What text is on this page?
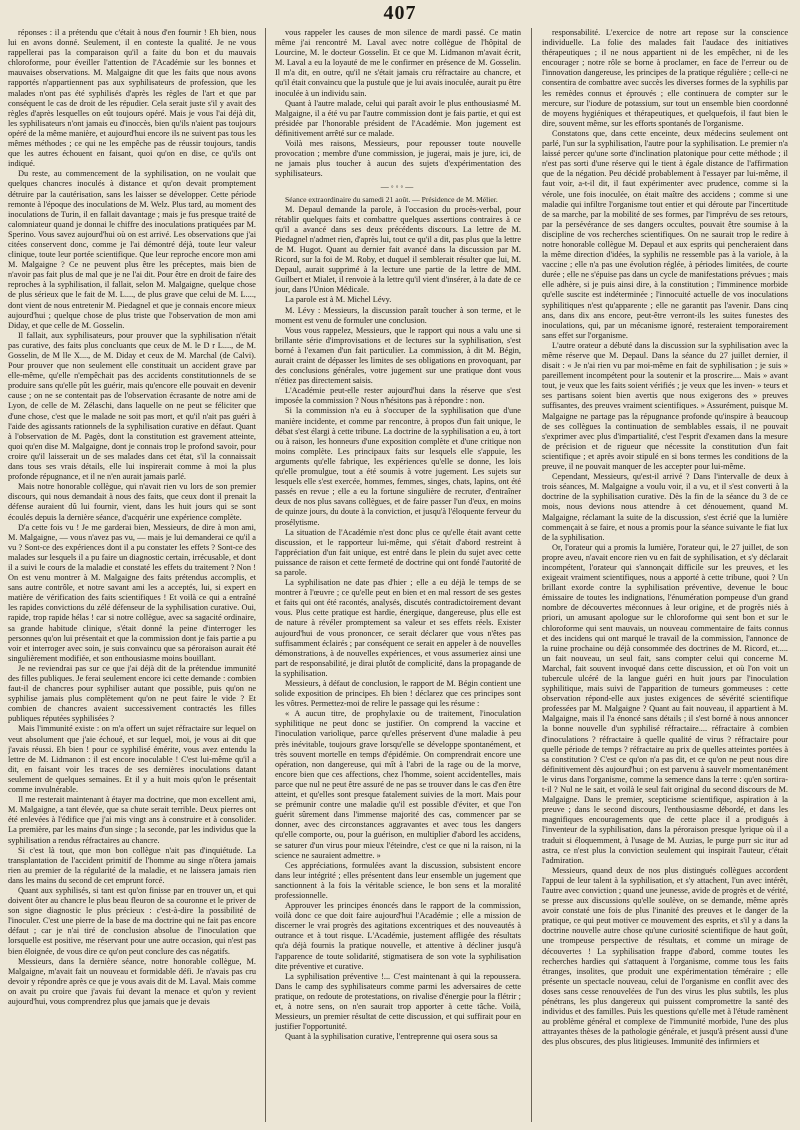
407

réponses : il a prétendu que c'était à nous d'en fournir ! Eh bien, nous lui en avons donné. Seulement, il en conteste la qualité. Je ne vous rappellerai pas la comparaison qu'il a faite du bon et du mauvais chloroforme, pour éveiller l'attention de l'Académie sur les bonnes et mauvaises observations. M. Malgaigne dit que les faits que nous avons rapportés n'appartiennent pas aux syphilisateurs de profession, que les malades n'ont pas été syphilisés d'après les règles de l'art et que par conséquent le cas de droit de les répudier. Cela serait juste s'il y avait des règles d'après lesquelles on eût toujours opéré. Mais je vous l'ai déjà dit, les syphilisateurs n'ont jamais eu d'inoccès, bien qu'ils n'aient pas toujours opéré de la même manière, et aujourd'hui encore ils ne suivent pas tous les mêmes méthodes ; ce qui ne les empêche pas de réussir toujours, tandis que les autres échouent en faisant, quoi qu'on en dise, ce qu'ils ont indiqué.

Du reste, au commencement de la syphilisation, on ne voulait que quelques chancres inoculés à distance et qu'on devait promptement détruire par la cautérisation, sans les laisser se développer. Cette période remonte à l'époque des inoculations de M. Welz. Plus tard, au moment des inoculations de Turin, il en fallait davantage ; mais je fus presque traité de calomniateur quand je donnai le chiffre des inoculations pratiquées par M. Sperino. Vous savez aujourd'hui où on est arrivé. Les observations que j'ai citées conservent donc, comme je l'ai démontré déjà, toute leur valeur clinique, toute leur portée scientifique. Que leur reproche encore mon ami M. Malgaigne ? Ce ne peuvent plus être les préceptes, mais bien de n'avoir pas fait plus de mal que je ne l'ai dit. Pour être en droit de faire des reproches à la syphilisation, il fallait, selon M. Malgaigne, quelque chose de plus sérieux que le fait de M. L...., de plus grave que celui de M. L...., dont vient de nous entretenir M. Piedagnel et que je connais encore mieux aujourd'hui ; quelque chose de plus triste que l'observation de mon ami Diday, et que celle de M. Gosselin.

Il fallait, aux syphilisateurs, pour prouver que la syphilisation n'était pas curative, des faits plus concluants que ceux de M. le D r L...., de M. Gosselin, de M lle X...., de M. Diday et ceux de M. Marchal (de Calvi). Pour prouver que non seulement elle constituait un accident grave par elle-même, qu'elle n'empêchait pas des accidents constitutionnels de se produire sans qu'elle pût les guérir, mais qu'encore elle pouvait en devenir cause ; on ne se contentait pas de l'observation écrasante de notre ami de Lyon, de celle de M. Zélaschi, dans laquelle on ne peut se féliciter que d'une chose, c'est que le malade ne soit pas mort, et qu'il n'ait pas guéri à l'aide des agissants rationnels de la syphilisation curative en défaut. Quant à l'observation de M. Pagès, dont la constitution est gravement atteinte, quoi qu'en dise M. Malgaigne, dont je connais trop le profond savoir, pour croire qu'il laisserait un de ses malades dans cet état, s'il la connaissait dans tous ses vrais détails, elle lui inspirerait comme à moi la plus profonde répugnance, et il ne n'en aurait jamais parlé.

Mais notre honorable collègue, qui n'avait rien vu lors de son premier discours, qui nous demandait à nous des faits, que ceux dont il prenait la défense auraient dû lui fournir, vient, dans les huit jours qui se sont écoulés depuis la dernière séance, d'acquérir une expérience complète.

D'a cette fois vu ! Je me garderai bien, Messieurs, de dire à mon ami, M. Malgaigne, — vous n'avez pas vu, — mais je lui demanderai ce qu'il a vu ? Sont-ce des expériences dont il a pu constater les effets ? Sont-ce des malades sur lesquels il a pu faire un diagnostic certain, irrécusable, et dont il a suivi le cours de la maladie et constaté les effets du traitement ? Non ! On est venu montrer à M. Malgaigne des faits prétendus accomplis, et sans autre contrôle, et notre savant ami les a acceptés, lui, si expert en matière de vérification des faits scientifiques ! Et voilà ce qui a entraîné les rapides convictions du zélé défenseur de la syphilisation curative. Oui, rapide, trop rapide hélas ! car si notre collègue, avec sa sagacité ordinaire, sa grande habitude clinique, s'était donné la peine d'interroger les personnes qu'on lui présentait et que la commission dont je fais partie a pu voir et interroger avec soin, je suis convaincu que sa péroraison aurait été singulièrement modifiée, et son enthousiasme moins bouillant.

Je ne reviendrai pas sur ce que j'ai déjà dit de la prétendue immunité des filles publiques. Je ferai seulement encore ici cette demande : combien faut-il de chancres pour syphiliser autant que possible, puis qu'on ne syphilise jamais plus complètement qu'on ne peut faire le vide ? Et combien de chancres avaient successivement contractés les filles publiques réputées syphilisées ?

Mais l'immunité existe : on m'a offert un sujet réfractaire sur lequel on veut absolument que j'aie échoué, et sur lequel, moi, je vous ai dit que j'avais réussi. Eh bien ! pour ce syphilisé émérite, vous avez entendu la lettre de M. Lidmanon : il est encore inoculable ! C'est lui-même qu'il a dit, en faisant voir les traces de ses dernières inoculations datant seulement de quelques semaines. Et il y a huit mois qu'on le présentait comme invulnérable.

Il me resterait maintenant à étayer ma doctrine, que mon excellent ami, M. Malgaigne, a tant élevée, que sa chute serait terrible. Deux pierres ont été enlevées à l'édifice que j'ai mis vingt ans à construire et à consolider. La première, par les mains d'un singe ; la seconde, par les individus que la syphilisation a rendus réfractaires au chancre.

Si c'est là tout, que mon bon collègue n'ait pas d'inquiétude. La transplantation de l'accident primitif de l'homme au singe n'ôtera jamais rien au premier de la régularité de la maladie, et ne laissera jamais rien dans les mains du second de cet emprunt forcé.

Quant aux syphilisés, si tant est qu'on finisse par en trouver un, et qui doivent ôter au chancre le plus beau fleuron de sa couronne et le priver de son signe diagnostic le plus précieux : c'est-à-dire la possibilité de l'inoculer. C'est une pierre de la base de ma doctrine qui ne fait pas encore défaut ; car je n'ai tiré de conclusion absolue de l'inoculation que lorsquelle est positive, me réservant pour une autre occasion, qui n'est pas bien éloignée, de vous dire ce qu'on peut conclure des cas négatifs.

Messieurs, dans la dernière séance, notre honorable collègue, M. Malgaigne, m'avait fait un nouveau et formidable défi. Je n'avais pas cru devoir y répondre après ce que je vous avais dit de M. Laval. Mais comme on avait pu croire que j'avais fui devant la menace et qu'on y revient aujourd'hui, vous comprendrez plus que jamais que je devais

vous rappeler les causes de mon silence de mardi passé. Ce matin même j'ai rencontré M. Laval avec notre collègue de l'hôpital de Lourcine, M. le docteur Gosselin. Et ce que M. Lidmanon m'avait écrit, M. Laval a eu la loyauté de me le confirmer en présence de M. Gosselin. Il m'a dit, en outre, qu'il ne s'était jamais cru réfractaire au chancre, et qu'il était convaincu que la pustule que je lui avais inoculée, aurait pu être inoculée à un individu sain.

Quant à l'autre malade, celui qui paraît avoir le plus enthousiasmé M. Malgaigne, il a été vu par l'autre commission dont je fais partie, et qui est présidée par l'honorable président de l'Académie. Mon jugement est définitivement arrêté sur ce malade.

Voilà mes raisons, Messieurs, pour repousser toute nouvelle provocation ; membre d'une commission, je jugerai, mais je jure, ici, de ne jamais plus toucher à aucun des sujets d'expérimentation des syphilisateurs.

—◦◦◦—

Séance extraordinaire du samedi 21 août. — Présidence de M. Mélier.

M. Depaul demande la parole, à l'occasion du procès-verbal, pour rétablir quelques faits et combattre quelques assertions contraires à ce qu'il a avancé dans ses deux précédents discours. La lettre de M. Piedagnel n'admet rien, d'après lui, tout ce qu'il a dit, pas plus que la lettre de M. Hugot. Quant au dernier fait avancé dans la discussion par M. Ricord, sur la foi de M. Roby, et duquel il semblerait résulter que lui, M. Depaul, aurait supprimé à la lecture une partie de la lettre de MM. Guilbert et Mialet, il renvoie à la lettre qu'il vient d'insérer, à la date de ce jour, dans l'Union Médicale.

La parole est à M. Michel Lévy.

M. Lévy : Messieurs, la discussion paraît toucher à son terme, et le moment est venu de formuler une conclusion.

Vous vous rappelez, Messieurs, que le rapport qui nous a valu une si brillante série d'improvisations et de lectures sur la syphilisation, s'est borné à l'examen d'un fait particulier. La commission, à dit M. Bégin, aurait craint de dépasser les limites de ses obligations en provoquant, par des conclusions générales, votre jugement sur une pratique dont vous n'étiez pas directement saisis.

L'Académie peut-elle rester aujourd'hui dans la réserve que s'est imposée la commission ? Nous n'hésitons pas à répondre : non.

Si la commission n'a eu à s'occuper de la syphilisation que d'une manière incidente, et comme par rencontre, à propos d'un fait unique, le débat s'est élargi à cette tribune. La doctrine de la syphilisation a eu, à tort ou à raison, les honneurs d'une exposition complète et d'une critique non moins complète. Les principaux faits sur lesquels elle s'appuie, les arguments qu'elle fabrique, les expériences qu'elle se donne, les lois qu'elle promulgue, tout a été soumis à votre jugement. Les sujets sur lesquels elle s'est exercée, hommes, femmes, singes, chats, lapins, ont été passés en revue ; elle a eu la fortune singulière de recruter, d'entraîner deux de nos plus savans collègues, et de faire passer l'un d'eux, en moins de quinze jours, du doute à la conviction, et jusqu'à l'éloquente ferveur du prosélytisme.

La situation de l'Académie n'est donc plus ce qu'elle était avant cette discussion, et le rapporteur lui-même, qui s'était d'abord restreint à l'appréciation d'un fait unique, est entré dans le plein du sujet avec cette puissance de raison et cette fermeté de doctrine qui ont fondé l'autorité de sa parole.

La syphilisation ne date pas d'hier ; elle a eu déjà le temps de se montrer à l'œuvre ; ce qu'elle peut en bien et en mal ressort de ses gestes et faits qui ont été racontés, analysés, discutés contradictoirement devant vous. Plus cette pratique est hardie, énergique, dangereuse, plus elle est de nature à révéler promptement sa valeur et ses effets réels. Exister aujourd'hui de vous prononcer, ce serait déclarer que vous n'êtes pas suffisamment éclairés ; par conséquent ce serait en appeler à de nouvelles démonstrations, à de nouvelles expériences, et vous assumeriez ainsi une part de responsabilité, je dirai plutôt de complicité, dans la propagande de la syphilisation.

Messieurs, à défaut de conclusion, le rapport de M. Bégin contient une solide exposition de principes. Eh bien ! déclarez que ces principes sont les vôtres. Permettez-moi de relire le passage qui les résume :

« A aucun titre, de prophylaxie ou de traitement, l'inoculation syphilitique ne peut donc se justifier. On comprend la vaccine et l'inoculation variolique, parce qu'elles préservent d'une maladie à peu près inévitable, toujours grave lorsqu'elle se développe spontanément, et très souvent mortelle en temps d'épidémie. On comprendrait encore une opération, non dangereuse, qui mît à l'abri de la rage ou de la morve, encore bien que ces affections, chez l'homme, soient accidentelles, mais parce que nul ne peut être assuré de ne pas se trouver dans le cas d'en être atteint, et qu'elles sont presque fatalement suivies de la mort. Mais pour se prémunir contre une maladie qu'il est possible d'éviter, et que l'on guérit sûrement dans l'immense majorité des cas, commencer par se donner, avec des circonstances aggravantes et avec tous les dangers qu'elle comporte, ou, pour la guérison, en multiplier d'abord les accidens, se saturer d'un virus pour mieux l'éteindre, c'est ce que ni la raison, ni la science ne sauraient admettre. »

Ces appréciations, formulées avant la discussion, subsistent encore dans leur intégrité ; elles présentent dans leur ensemble un jugement que sanctionnent à la fois la véritable science, le bon sens et la moralité professionnelle.

Approuver les principes énoncés dans le rapport de la commission, voilà donc ce que doit faire aujourd'hui l'Académie ; elle a mission de discerner le vrai progrès des agitations excentriques et des nouveautés à outrance et à tout risque. L'Académie, justement affligée des résultats qu'a déjà fournis la pratique nouvelle, et attentive à décliner jusqu'à l'apparence de toute solidarité, stigmatisera de son vote la syphilisation dite préventive et curative.

La syphilisation préventive !... C'est maintenant à qui la repoussera. Dans le camp des syphilisateurs comme parmi les adversaires de cette pratique, on redoute de protestations, on rivalise d'énergie pour la flétrir ; et, à notre sens, on n'en saurait trop apporter à cette tâche. Voilà, Messieurs, un premier résultat de cette discussion, et qui suffirait pour en justifier l'opportunité.

Quant à la syphilisation curative, l'entreprenne qui osera sous sa

responsabilité. L'exercice de notre art repose sur la conscience individuelle. La folie des malades fait l'audace des initiatives thérapeutiques ; il ne nous appartient ni de les empêcher, ni de les encourager ; notre rôle se borne à proclamer, en face de l'erreur ou de l'innovation dangereuse, les principes de la pratique régulière ; celle-ci ne consentira de combattre avec succès les diverses formes de la syphilis par les remèdes connus et éprouvés ; elle continuera de compter sur le mercure, sur l'iodure de potassium, sur tout un ensemble bien coordonné de moyens hygiéniques et thérapeutiques, et quelquefois, il faut bien le dire, souvent même, sur les efforts spontanés de l'organisme.

Constatons que, dans cette enceinte, deux médecins seulement ont parlé, l'un sur la syphilisation, l'autre pour la syphilisation. Le premier n'a laissé percer qu'une sorte d'inclination platonique pour cette méthode ; il n'est pas sorti d'une réserve qui le tient à égale distance de l'affirmation que de la négation. Peu décidé probablement à l'essayer par lui-même, il faut voir, a-t-il dit, il faut expérimenter avec prudence, comme si la vérole, une fois inoculée, on était maître des accidens ; comme si une maladie qui infiltre l'organisme tout entier et qui déroute par l'incertitude de sa marche, par la mobilité de ses formes, par l'imprévu de ses retours, par la persévérance de ses dangers occultes, pouvait être soumise à la discipline de vos recherches scientifiques. On ne saurait trop le redire à notre honorable collègue M. Depaul et aux esprits qui pencheraient dans la même direction d'idées, la syphilis ne ressemble pas à la variole, à la vaccine ; elle n'a pas une évolution réglée, à périodes limitées, de courte durée ; elle ne s'épuise pas dans un cycle de manifestations prévues ; mais elle adhère, si je puis ainsi dire, à la constitution ; l'imminence morbide qu'elle suscite est indéterminée ; l'innocuité actuelle de vos inoculations syphilitiques n'est qu'apparente ; elle ne garantit pas l'avenir. Dans cinq ans, dans dix ans encore, peut-être verront-ils les suites funestes des inoculations, qui, par un mécanisme ignoré, resteraient temporairement sans effet sur l'organisme.

L'autre orateur a débuté dans la discussion sur la syphilisation avec la même réserve que M. Depaul. Dans la séance du 27 juillet dernier, il disait : « Je n'ai rien vu par moi-même en fait de syphilisation ; je suis » pareillement incompétent pour la soutenir et la proscrire.... Mais » avant tout, je veux que les faits soient vérifiés ; je veux que les inven- » teurs et ses partisans soient bien avertis que nous exigerons des » preuves suffisantes, des preuves vraiment scientifiques. » Assurément, puisque M. Malgaigne ne partage pas la répugnance profonde qu'inspire à beaucoup de ses collègues la continuation de semblables essais, il ne pouvait s'exprimer avec plus d'impartialité, c'est l'esprit d'examen dans la mesure de précision et de rigueur que nécessite la constitution d'un fait scientifique ; et après avoir stipulé en si bons termes les conditions de la preuve, il ne pouvait manquer de les accepter pour lui-même.

Cependant, Messieurs, qu'est-il arrivé ? Dans l'intervalle de deux à trois séances, M. Malgaigne a voulu voir, il a vu, et il s'est converti à la doctrine de la syphilisation curative. Dès la fin de la séance du 3 de ce mois, nous devions nous attendre à cet dénouement, quand M. Malgaigne, réclamant la suite de la discussion, s'est écrié que la lumière commençait à se faire, et nous a promis pour la séance suivante le fiat lux de la syphilisation.

Or, l'orateur qui a promis la lumière, l'orateur qui, le 27 juillet, de son propre aveu, n'avait encore rien vu en fait de syphilisation, et s'y déclarait incompétent, l'orateur qui s'annonçait difficile sur les preuves, et les exigeait vraiment scientifiques, nous a apporté à cette tribune, quoi ? Un brillant exorde contre la syphilisation préventive, devenue le bouc émissaire de toutes les indignations, l'énumération pompeuse d'un grand nombre de découvertes méconnues à leur origine, et de progrès niés à priori, un amusant apologue sur le chloroforme qui sent bon et sur le chloroforme qui sent mauvais, un nouveau commentaire de faits connus et des incidens qui ont marqué le travail de la commission, l'annonce de la ruine prochaine ou déjà consommée des doctrines de M. Ricord, et..... un fait nouveau, un seul fait, sans compter celui qui concerne M. Marchal, fait souvent invoqué dans cette discussion, et où l'on voit un tubercule ulcéré de la langue guéri en huit jours par l'inoculation syphilitique, mais suivi de l'apparition de tumeurs gommeuses : cette observation répond-elle aux justes exigences de sévérité scientifique professées par M. Malgaigne ? Quant au fait nouveau, il appartient à M. Malgaigne, mais il l'a énoncé sans détails ; il s'est borné à nous annoncer la bonne nouvelle d'un syphilisé réfractaire.... réfractaire à combien d'inoculations ? réfractaire à quelle qualité de virus ? réfractaire pour quelle période de temps ? réfractaire au prix de quelles atteintes portées à sa constitution ? C'est ce qu'on n'a pas dit, et ce qu'on ne peut nous dire définitivement dès aujourd'hui ; on est parvenu à sauvelr momentanément le virus dans l'organisme, comme la semence dans la terre : qu'en sortira-t-il ? Nul ne le sait, et voilà le seul fait original du second discours de M. Malgaigne. Dans le premier, scepticisme scientifique, aspiration à la preuve ; dans le second discours, l'enthousiasme débordé, et dans les magnifiques encouragements que de cette place il a prodigués à l'inventeur de la syphilisation, dans la péroraison presque lyrique où il a traduit si éloquemment, à l'usage de M. Auzias, le purge purr sic itur ad astra, ce n'est plus la conviction seulement qui inspirait l'auteur, c'était l'admiration.

Messieurs, quand deux de nos plus distingués collègues accordent l'appui de leur talent à la syphilisation, et s'y attachent, l'un avec intérêt, l'autre avec conviction ; quand une jeunesse, avide de progrès et de vérité, se presse aux discussions qu'elle soulève, on se demande, même après avoir constaté une fois de plus l'inanité des preuves et le danger de la pratique, ce qui peut motiver ce mouvement des esprits, et s'il y a dans la doctrine nouvelle autre chose qu'une curiosité scientifique de haut goût, une trompeuse perspective de résultats, et comme un mirage de découvertes ! La syphilisation frappe d'abord, comme toutes les recherches hardies qui s'attaquent à l'organisme, comme tous les faits étranges, insolites, que produit une expérimentation téméraire ; elle présente un spectacle nouveau, celui de l'organisme en conflit avec des doses sans cesse renouvelées de l'un des virus les plus subtils, les plus pénétrans, les plus dangereux qui puissent compromettre la santé des individus et des familles. Puis les questions qu'elle met à l'étude ramènent au problème général et complexe de l'immunité morbide, l'une des plus attrayantes thèses de la pathologie générale, et jusqu'à présent aussi d'une des plus obscures, des plus litigieuses. Immunité des infirmiers et
